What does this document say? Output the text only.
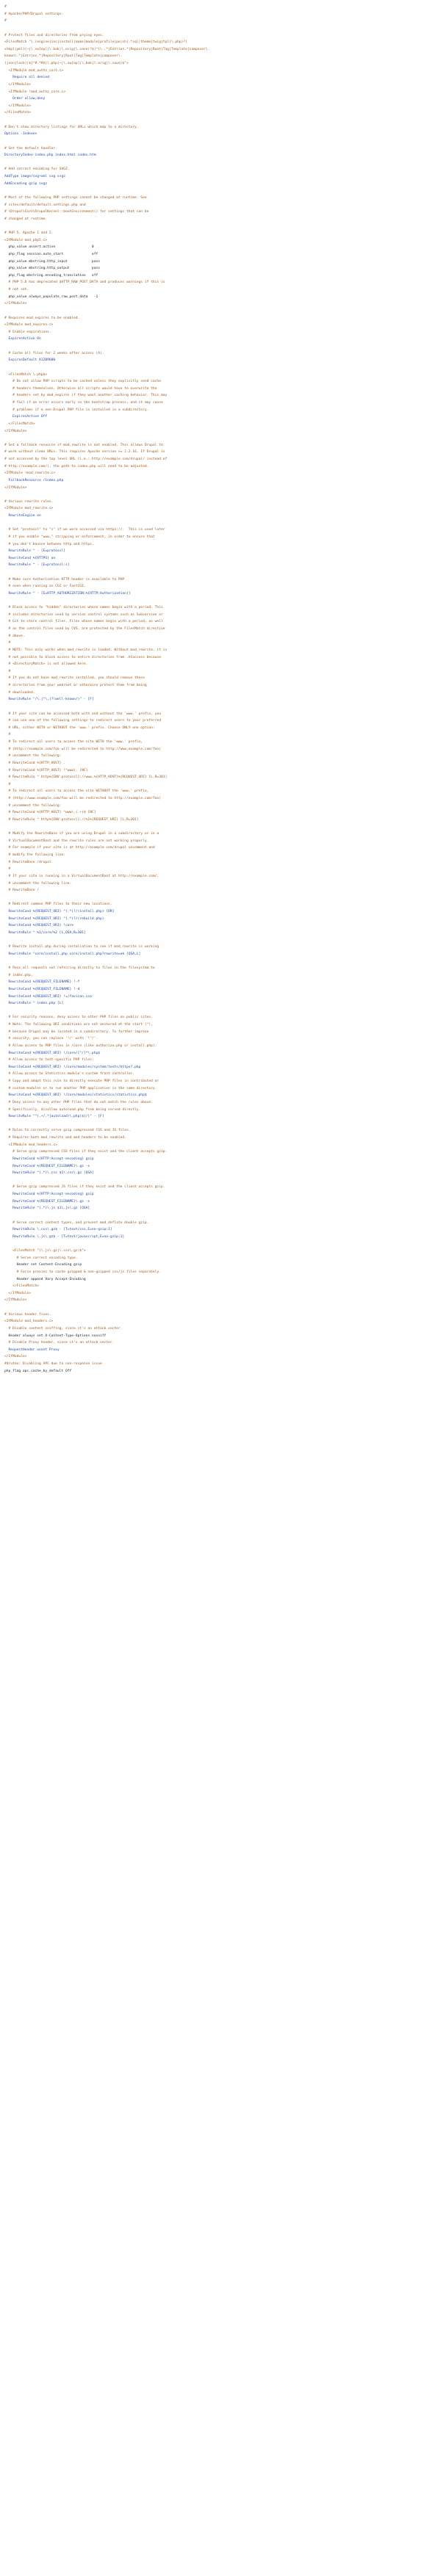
#
# Apache/PHP/Drupal settings:
#
# Protect files and directories from prying eyes.
<FilesMatch "\.(engine|inc|install|make|module|profile|po|sh|.*sql|theme|twig|tpl(\.php)?|
xtmpl|yml)(~|\.sw[op]|\.bak|\.orig|\.save)?$|^(\..*|Entries.*|Repository|Root|Tag|Template|composer\.
known\.*|Entries.*|Repository|Root|Tag|Template|composer\.
(json|lock))$|^#.*#$|\.php(~|\.sw[op]|\.bak|\.orig|\.save)$">
<IfModule mod_authz_core.c>
Require all denied
</IfModule>
<IfModule !mod_authz_core.c>
Order allow,deny
</IfModule>
</FilesMatch>
# Don't show directory listings for URLs which map to a directory.
Options -Indexes
# Set the default handler.
DirectoryIndex index.php index.html index.htm
# Add correct encoding for SVGZ.
AddType image/svg+xml svg svgz
AddEncoding gzip svgz
# Most of the following PHP settings cannot be changed at runtime. See
# sites/default/default.settings.php and
# \Drupal\Core\DrupalKernel::bootEnvironment() for settings that can be
# changed at runtime.
# PHP 5, Apache 1 and 2.
<IfModule mod_php5.c>
php_value assert.active                  0
php_flag session.auto_start              off
php_value mbstring.http_input            pass
php_value mbstring.http_output           pass
php_flag mbstring.encoding_translation   off
# PHP 5.6 has deprecated $HTTP_RAW_POST_DATA and produces warnings if this is
# not set.
php_value always_populate_raw_post_data   -1
</IfModule>
# Requires mod_expires to be enabled.
<IfModule mod_expires.c>
# Enable expirations.
ExpiresActive On
# Cache all files for 2 weeks after access (A).
ExpiresDefault A1209600
<FilesMatch \.php$>
# Do not allow PHP scripts to be cached unless they explicitly send cache
# headers themselves. Otherwise all scripts would have to overwrite the
# headers set by mod_expires if they want another caching behavior. This may
# fail if an error occurs early in the bootstrap process, and it may cause
# problems if a non-Drupal PHP file is installed in a subdirectory.
ExpiresActive Off
</FilesMatch>
</IfModule>
# Set a fallback resource if mod_rewrite is not enabled. This allows Drupal to
# work without clean URLs. This requires Apache version >= 2.2.16. If Drupal is
# not accessed by the top level URL (i.e.: http://example.com/drupal/ instead of
# http://example.com/), the path to index.php will need to be adjusted.
<IfModule !mod_rewrite.c>
FallbackResource /index.php
</IfModule>
# Various rewrite rules.
<IfModule mod_rewrite.c>
RewriteEngine on
# Set "protossl" to "s" if we were accessed via https://.  This is used later
# if you enable "www." stripping or enforcement, in order to ensure that
# you don't bounce between http and https.
RewriteRule ^ - [E=protossl]
RewriteCond %{HTTPS} on
RewriteRule ^ - [E=protossl:s]
# Make sure Authorization HTTP header is available to PHP
# even when running as CGI or FastCGI.
RewriteRule ^ - [E=HTTP_AUTHORIZATION:%{HTTP:Authorization}]
# Block access to "hidden" directories whose names begin with a period. This
# includes directories used by version control systems such as Subversion or
# Git to store control files. Files whose names begin with a period, as well
# as the control files used by CVS, are protected by the FilesMatch directive
# above.
#
# NOTE: This only works when mod_rewrite is loaded. Without mod_rewrite, it is
# not possible to block access to entire directories from .htaccess because
# <DirectoryMatch> is not allowed here.
#
# If you do not have mod_rewrite installed, you should remove these
# directories from your webroot or otherwise protect them from being
# downloaded.
RewriteRule "/\.|^\.(?!well-known/)" - [F]
# If your site can be accessed both with and without the 'www.' prefix, you
# can use one of the following settings to redirect users to your preferred
# URL, either WITH or WITHOUT the 'www.' prefix. Choose ONLY one option:
#
# To redirect all users to access the site WITH the 'www.' prefix,
# (http://example.com/foo will be redirected to http://www.example.com/foo)
# uncomment the following:
# RewriteCond %{HTTP_HOST} .
# RewriteCond %{HTTP_HOST} !^www\. [NC]
# RewriteRule ^ http%{ENV:protossl}://www.%{HTTP_HOST}%{REQUEST_URI} [L,R=301]
#
# To redirect all users to access the site WITHOUT the 'www.' prefix,
# (http://www.example.com/foo will be redirected to http://example.com/foo)
# uncomment the following:
# RewriteCond %{HTTP_HOST} ^www\.(.+)$ [NC]
# RewriteRule ^ http%{ENV:protossl}://%1%{REQUEST_URI} [L,R=301]
# Modify the RewriteBase if you are using Drupal in a subdirectory or in a
# VirtualDocumentRoot and the rewrite rules are not working properly.
# For example if your site is at http://example.com/drupal uncomment and
# modify the following line:
# RewriteBase /drupal
#
# If your site is running in a VirtualDocumentRoot at http://example.com/,
# uncomment the following line:
# RewriteBase /
# Redirect common PHP files to their new locations.
RewriteCond %{REQUEST_URI} ^(.*)?/(install.php) [OR]
RewriteCond %{REQUEST_URI} ^(.*)?/(rebuild.php)
RewriteCond %{REQUEST_URI} !core
RewriteRule ^ %1/core/%2 [L,QSA,R=301]
# Rewrite install.php during installation to see if mod_rewrite is working
RewriteRule ^core/install.php core/install.php?rewrite=ok [QSA,L]
# Pass all requests not referring directly to files in the filesystem to
# index.php.
RewriteCond %{REQUEST_FILENAME} !-f
RewriteCond %{REQUEST_FILENAME} !-d
RewriteCond %{REQUEST_URI} !=/favicon.ico
RewriteRule ^ index.php [L]
# For security reasons, deny access to other PHP files on public sites.
# Note: The following URI conditions are not anchored at the start (^),
# because Drupal may be located in a subdirectory. To further improve
# security, you can replace '!/' with '!^/'.
# Allow access to PHP files in /core (like authorize.php or install.php):
RewriteCond %{REQUEST_URI} !/core/[^/]*\.php$
# Allow access to test-specific PHP files:
RewriteCond %{REQUEST_URI} !/core/modules/system/tests/https?.php
# Allow access to Statistics module's custom front controller.
# Copy and adapt this rule to directly execute PHP files in contributed or
# custom modules or to run another PHP application in the same directory.
RewriteCond %{REQUEST_URI} !/core/modules/statistics/statistics.php$
# Deny access to any other PHP files that do not match the rules above.
# Specifically, disallow autoload.php from being served directly.
RewriteRule "^(.+/.*|autoload)\.php($|/)" - [F]
# Rules to correctly serve gzip compressed CSS and JS files.
# Requires both mod_rewrite and mod_headers to be enabled.
<IfModule mod_headers.c>
# Serve gzip compressed CSS files if they exist and the client accepts gzip.
RewriteCond %{HTTP:Accept-encoding} gzip
RewriteCond %{REQUEST_FILENAME}\.gz -s
RewriteRule ^(.*)\.css $1\.css\.gz [QSA]
# Serve gzip compressed JS files if they exist and the client accepts gzip.
RewriteCond %{HTTP:Accept-encoding} gzip
RewriteCond %{REQUEST_FILENAME}\.gz -s
RewriteRule ^(.*)\.js $1\.js\.gz [QSA]
# Serve correct content types, and prevent mod_deflate double gzip.
RewriteRule \.css\.gz$ - [T=text/css,E=no-gzip:1]
RewriteRule \.js\.gz$ - [T=text/javascript,E=no-gzip:1]
<FilesMatch "(\.js\.gz|\.css\.gz)$">
# Serve correct encoding type.
Header set Content-Encoding gzip
# Force proxies to cache gzipped & non-gzipped css/js files separately.
Header append Vary Accept-Encoding
</FilesMatch>
</IfModule>
</IfModule>
# Various header fixes.
<IfModule mod_headers.c>
# Disable content sniffing, since it's an attack vector.
Header always set X-Content-Type-Options nosniff
# Disable Proxy header, since it's an attack vector.
RequestHeader unset Proxy
</IfModule>
#drutex: Disabling APC due to non-response issue
php_flag apc.cache_by_default Off
